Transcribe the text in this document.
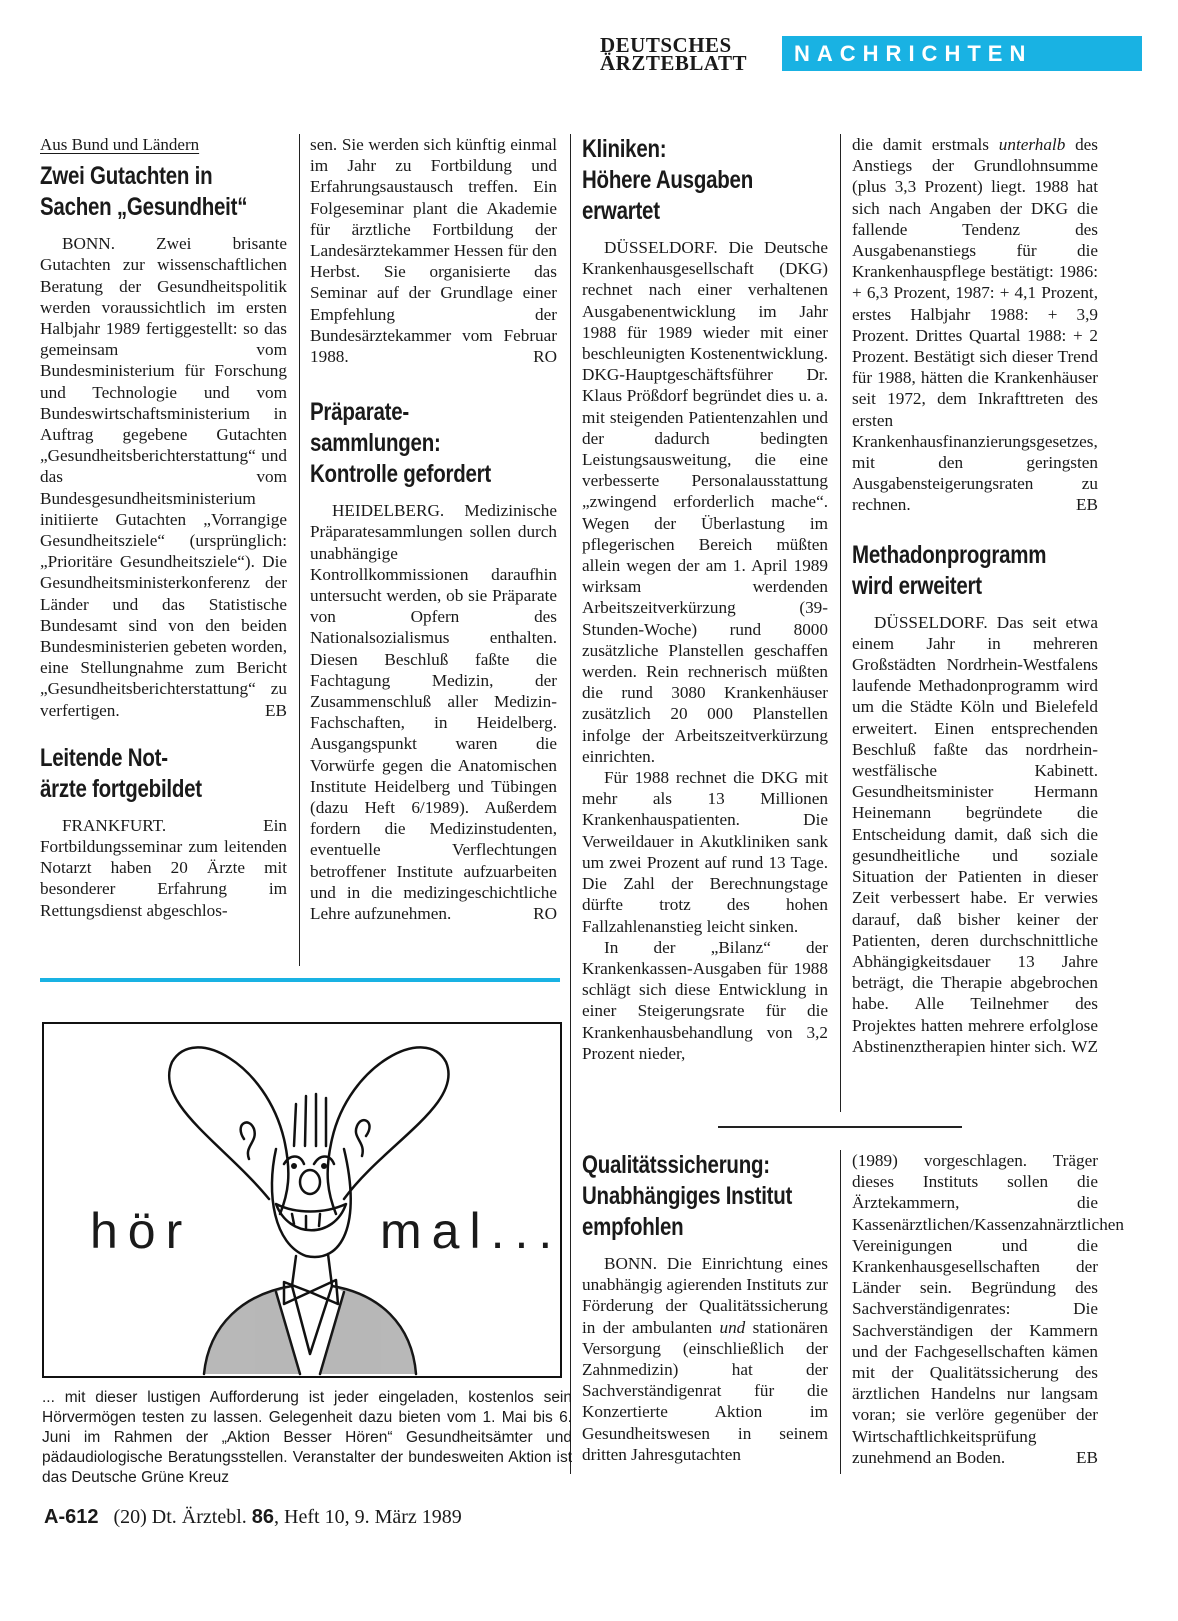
DEUTSCHES
ÄRZTEBLATT	NACHRICHTEN
Aus Bund und Ländern
Zwei Gutachten in
Sachen „Gesundheit“

BONN. Zwei brisante Gutachten zur wissenschaftlichen Beratung der Gesundheitspolitik werden voraussichtlich im ersten Halbjahr 1989 fertiggestellt: so das gemeinsam vom Bundesministerium für Forschung und Technologie und vom Bundeswirtschaftsministerium in Auftrag gegebene Gutachten „Gesundheitsberichterstattung“ und das vom Bundesgesundheitsministerium initiierte Gutachten „Vorrangige Gesundheitsziele“ (ursprünglich: „Prioritäre Gesundheitsziele“). Die Gesundheitsministerkonferenz der Länder und das Statistische Bundesamt sind von den beiden Bundesministerien gebeten worden, eine Stellungnahme zum Bericht „Gesundheitsberichterstattung“ zu verfertigen.	EB

Leitende Not-
ärzte fortgebildet

FRANKFURT. Ein Fortbildungsseminar zum leitenden Notarzt haben 20 Ärzte mit besonderer Erfahrung im Rettungsdienst abgeschlos-

sen. Sie werden sich künftig einmal im Jahr zu Fortbildung und Erfahrungsaustausch treffen. Ein Folgeseminar plant die Akademie für ärztliche Fortbildung der Landesärztekammer Hessen für den Herbst. Sie organisierte das Seminar auf der Grundlage einer Empfehlung der Bundesärztekammer vom Februar 1988.	RO

Präparate-
sammlungen:
Kontrolle gefordert

HEIDELBERG. Medizinische Präparatesammlungen sollen durch unabhängige Kontrollkommissionen daraufhin untersucht werden, ob sie Präparate von Opfern des Nationalsozialismus enthalten. Diesen Beschluß faßte die Fachtagung Medizin, der Zusammenschluß aller Medizin-Fachschaften, in Heidelberg. Ausgangspunkt waren die Vorwürfe gegen die Anatomischen Institute Heidelberg und Tübingen (dazu Heft 6/1989). Außerdem fordern die Medizinstudenten, eventuelle Verflechtungen betroffener Institute aufzuarbeiten und in die medizingeschichtliche Lehre aufzunehmen.	RO

Kliniken:
Höhere Ausgaben
erwartet

DÜSSELDORF. Die Deutsche Krankenhausgesellschaft (DKG) rechnet nach einer verhaltenen Ausgabenentwicklung im Jahr 1988 für 1989 wieder mit einer beschleunigten Kostenentwicklung. DKG-Hauptgeschäftsführer Dr. Klaus Prößdorf begründet dies u. a. mit steigenden Patientenzahlen und der dadurch bedingten Leistungsausweitung, die eine verbesserte Personalausstattung „zwingend erforderlich mache“. Wegen der Überlastung im pflegerischen Bereich müßten allein wegen der am 1. April 1989 wirksam werdenden Arbeitszeitverkürzung (39-Stunden-Woche) rund 8000 zusätzliche Planstellen geschaffen werden. Rein rechnerisch müßten die rund 3080 Krankenhäuser zusätzlich 20 000 Planstellen infolge der Arbeitszeitverkürzung einrichten.

Für 1988 rechnet die DKG mit mehr als 13 Millionen Krankenhauspatienten. Die Verweildauer in Akutkliniken sank um zwei Prozent auf rund 13 Tage. Die Zahl der Berechnungstage dürfte trotz des hohen Fallzahlenanstieg leicht sinken.

In der „Bilanz“ der Krankenkassen-Ausgaben für 1988 schlägt sich diese Entwicklung in einer Steigerungsrate für die Krankenhausbehandlung von 3,2 Prozent nieder,

die damit erstmals unterhalb des Anstiegs der Grundlohnsumme (plus 3,3 Prozent) liegt. 1988 hat sich nach Angaben der DKG die fallende Tendenz des Ausgabenanstiegs für die Krankenhauspflege bestätigt: 1986: + 6,3 Prozent, 1987: + 4,1 Prozent, erstes Halbjahr 1988: + 3,9 Prozent. Drittes Quartal 1988: + 2 Prozent. Bestätigt sich dieser Trend für 1988, hätten die Krankenhäuser seit 1972, dem Inkrafttreten des ersten Krankenhausfinanzierungsgesetzes, mit den geringsten Ausgabensteigerungsraten zu rechnen.	EB

Methadonprogramm
wird erweitert

DÜSSELDORF. Das seit etwa einem Jahr in mehreren Großstädten Nordrhein-Westfalens laufende Methadonprogramm wird um die Städte Köln und Bielefeld erweitert. Einen entsprechenden Beschluß faßte das nordrhein-westfälische Kabinett. Gesundheitsminister Hermann Heinemann begründete die Entscheidung damit, daß sich die gesundheitliche und soziale Situation der Patienten in dieser Zeit verbessert habe. Er verwies darauf, daß bisher keiner der Patienten, deren durchschnittliche Abhängigkeitsdauer 13 Jahre beträgt, die Therapie abgebrochen habe. Alle Teilnehmer des Projektes hatten mehrere erfolglose Abstinenztherapien hinter sich. WZ

Qualitätssicherung:
Unabhängiges Institut
empfohlen

BONN. Die Einrichtung eines unabhängig agierenden Instituts zur Förderung der Qualitätssicherung in der ambulanten und stationären Versorgung (einschließlich der Zahnmedizin) hat der Sachverständigenrat für die Konzertierte Aktion im Gesundheitswesen in seinem dritten Jahresgutachten

(1989) vorgeschlagen. Träger dieses Instituts sollen die Ärztekammern, die Kassenärztlichen/Kassenzahnärztlichen Vereinigungen und die Krankenhausgesellschaften der Länder sein. Begründung des Sachverständigenrates: Die Sachverständigen der Kammern und der Fachgesellschaften kämen mit der Qualitätssicherung des ärztlichen Handelns nur langsam voran; sie verlöre gegenüber der Wirtschaftlichkeitsprüfung zunehmend an Boden.	EB

hör	mal...
... mit dieser lustigen Aufforderung ist jeder eingeladen, kostenlos sein Hörvermögen testen zu lassen. Gelegenheit dazu bieten vom 1. Mai bis 6. Juni im Rahmen der „Aktion Besser Hören“ Gesundheitsämter und pädaudiologische Beratungsstellen. Veranstalter der bundesweiten Aktion ist das Deutsche Grüne Kreuz
A-612 (20) Dt. Ärztebl. 86, Heft 10, 9. März 1989
